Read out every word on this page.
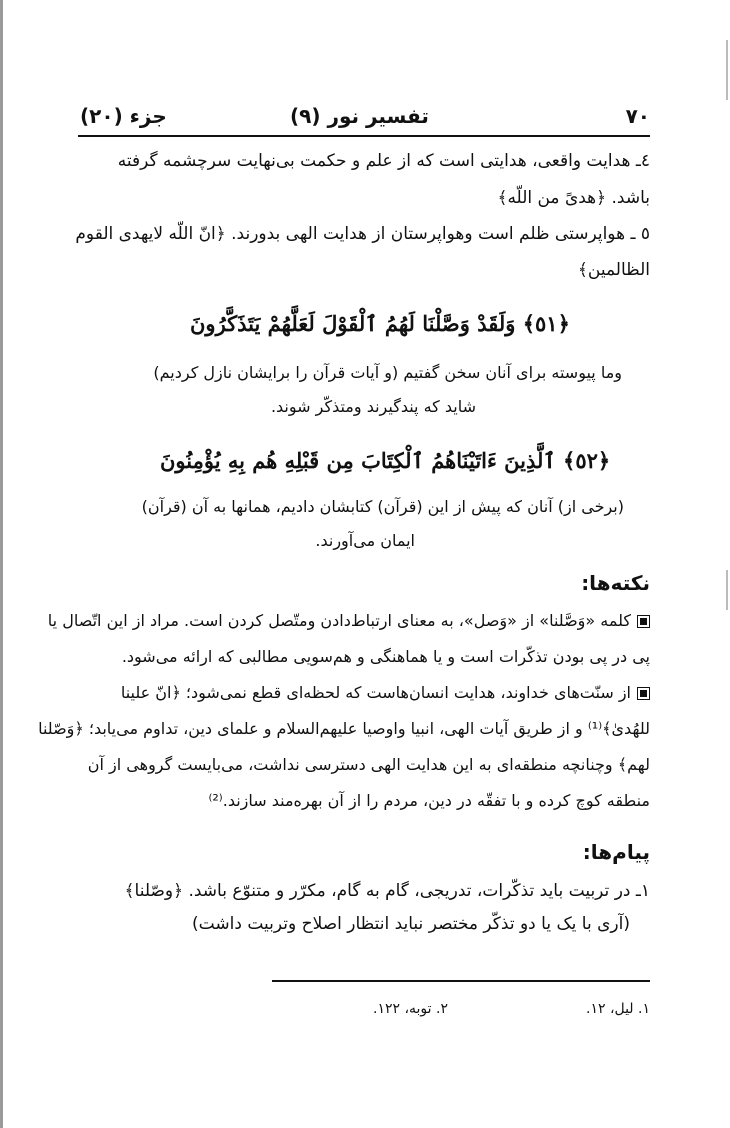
۷۰
تفسیر نور (۹)
جزء (۲۰)
٤ـ هدایت واقعی، هدایتی است که از علم و حکمت بی‌نهایت سرچشمه گرفته
باشد. ﴿هدىً من اللّه﴾
٥ ـ هواپرستی ظلم است وهواپرستان از هدایت الهی بدورند. ﴿انّ اللّه لایهدی القوم
الظالمین﴾
﴿٥١﴾ وَلَقَدْ وَصَّلْنَا لَهُمُ ٱلْقَوْلَ لَعَلَّهُمْ يَتَذَكَّرُونَ
وما پیوسته برای آنان سخن گفتیم (و آیات قرآن را برایشان نازل کردیم)
شاید که پندگیرند ومتذکّر شوند.
﴿٥٢﴾ ٱلَّذِينَ ءَاتَيْنَاهُمُ ٱلْكِتَابَ مِن قَبْلِهِ هُم بِهِ يُؤْمِنُونَ
(برخی از) آنان که پیش از این (قرآن) کتابشان دادیم، همانها به آن (قرآن)
ایمان می‌آورند.
نکته‌ها:
کلمه «وَصَّلنا» از «وَصل»، به معنای ارتباط‌دادن ومتّصل کردن است. مراد از این اتّصال یا
پی در پی بودن تذکّرات است و یا هماهنگی و هم‌سویی مطالبی که ارائه می‌شود.
از سنّت‌های خداوند، هدایت انسان‌هاست که لحظه‌ای قطع نمی‌شود؛ ﴿انّ علینا
للهُدیٰ﴾⁽¹⁾ و از طریق آیات الهی، انبیا واوصیا علیهم‌السلام و علمای دین، تداوم می‌یابد؛ ﴿وَصّلنا
لهم﴾ وچنانچه منطقه‌ای به این هدایت الهی دسترسی نداشت، می‌بایست گروهی از آن
منطقه کوچ کرده و با تفقّه در دین، مردم را از آن بهره‌مند سازند.⁽²⁾
پیام‌ها:
۱ـ در تربیت باید تذکّرات، تدریجی، گام به گام، مکرّر و متنوّع باشد. ﴿وصّلنا﴾
(آری با یک یا دو تذکّر مختصر نباید انتظار اصلاح وتربیت داشت)
۱. لیل، ۱۲.
۲. توبه، ۱۲۲.
